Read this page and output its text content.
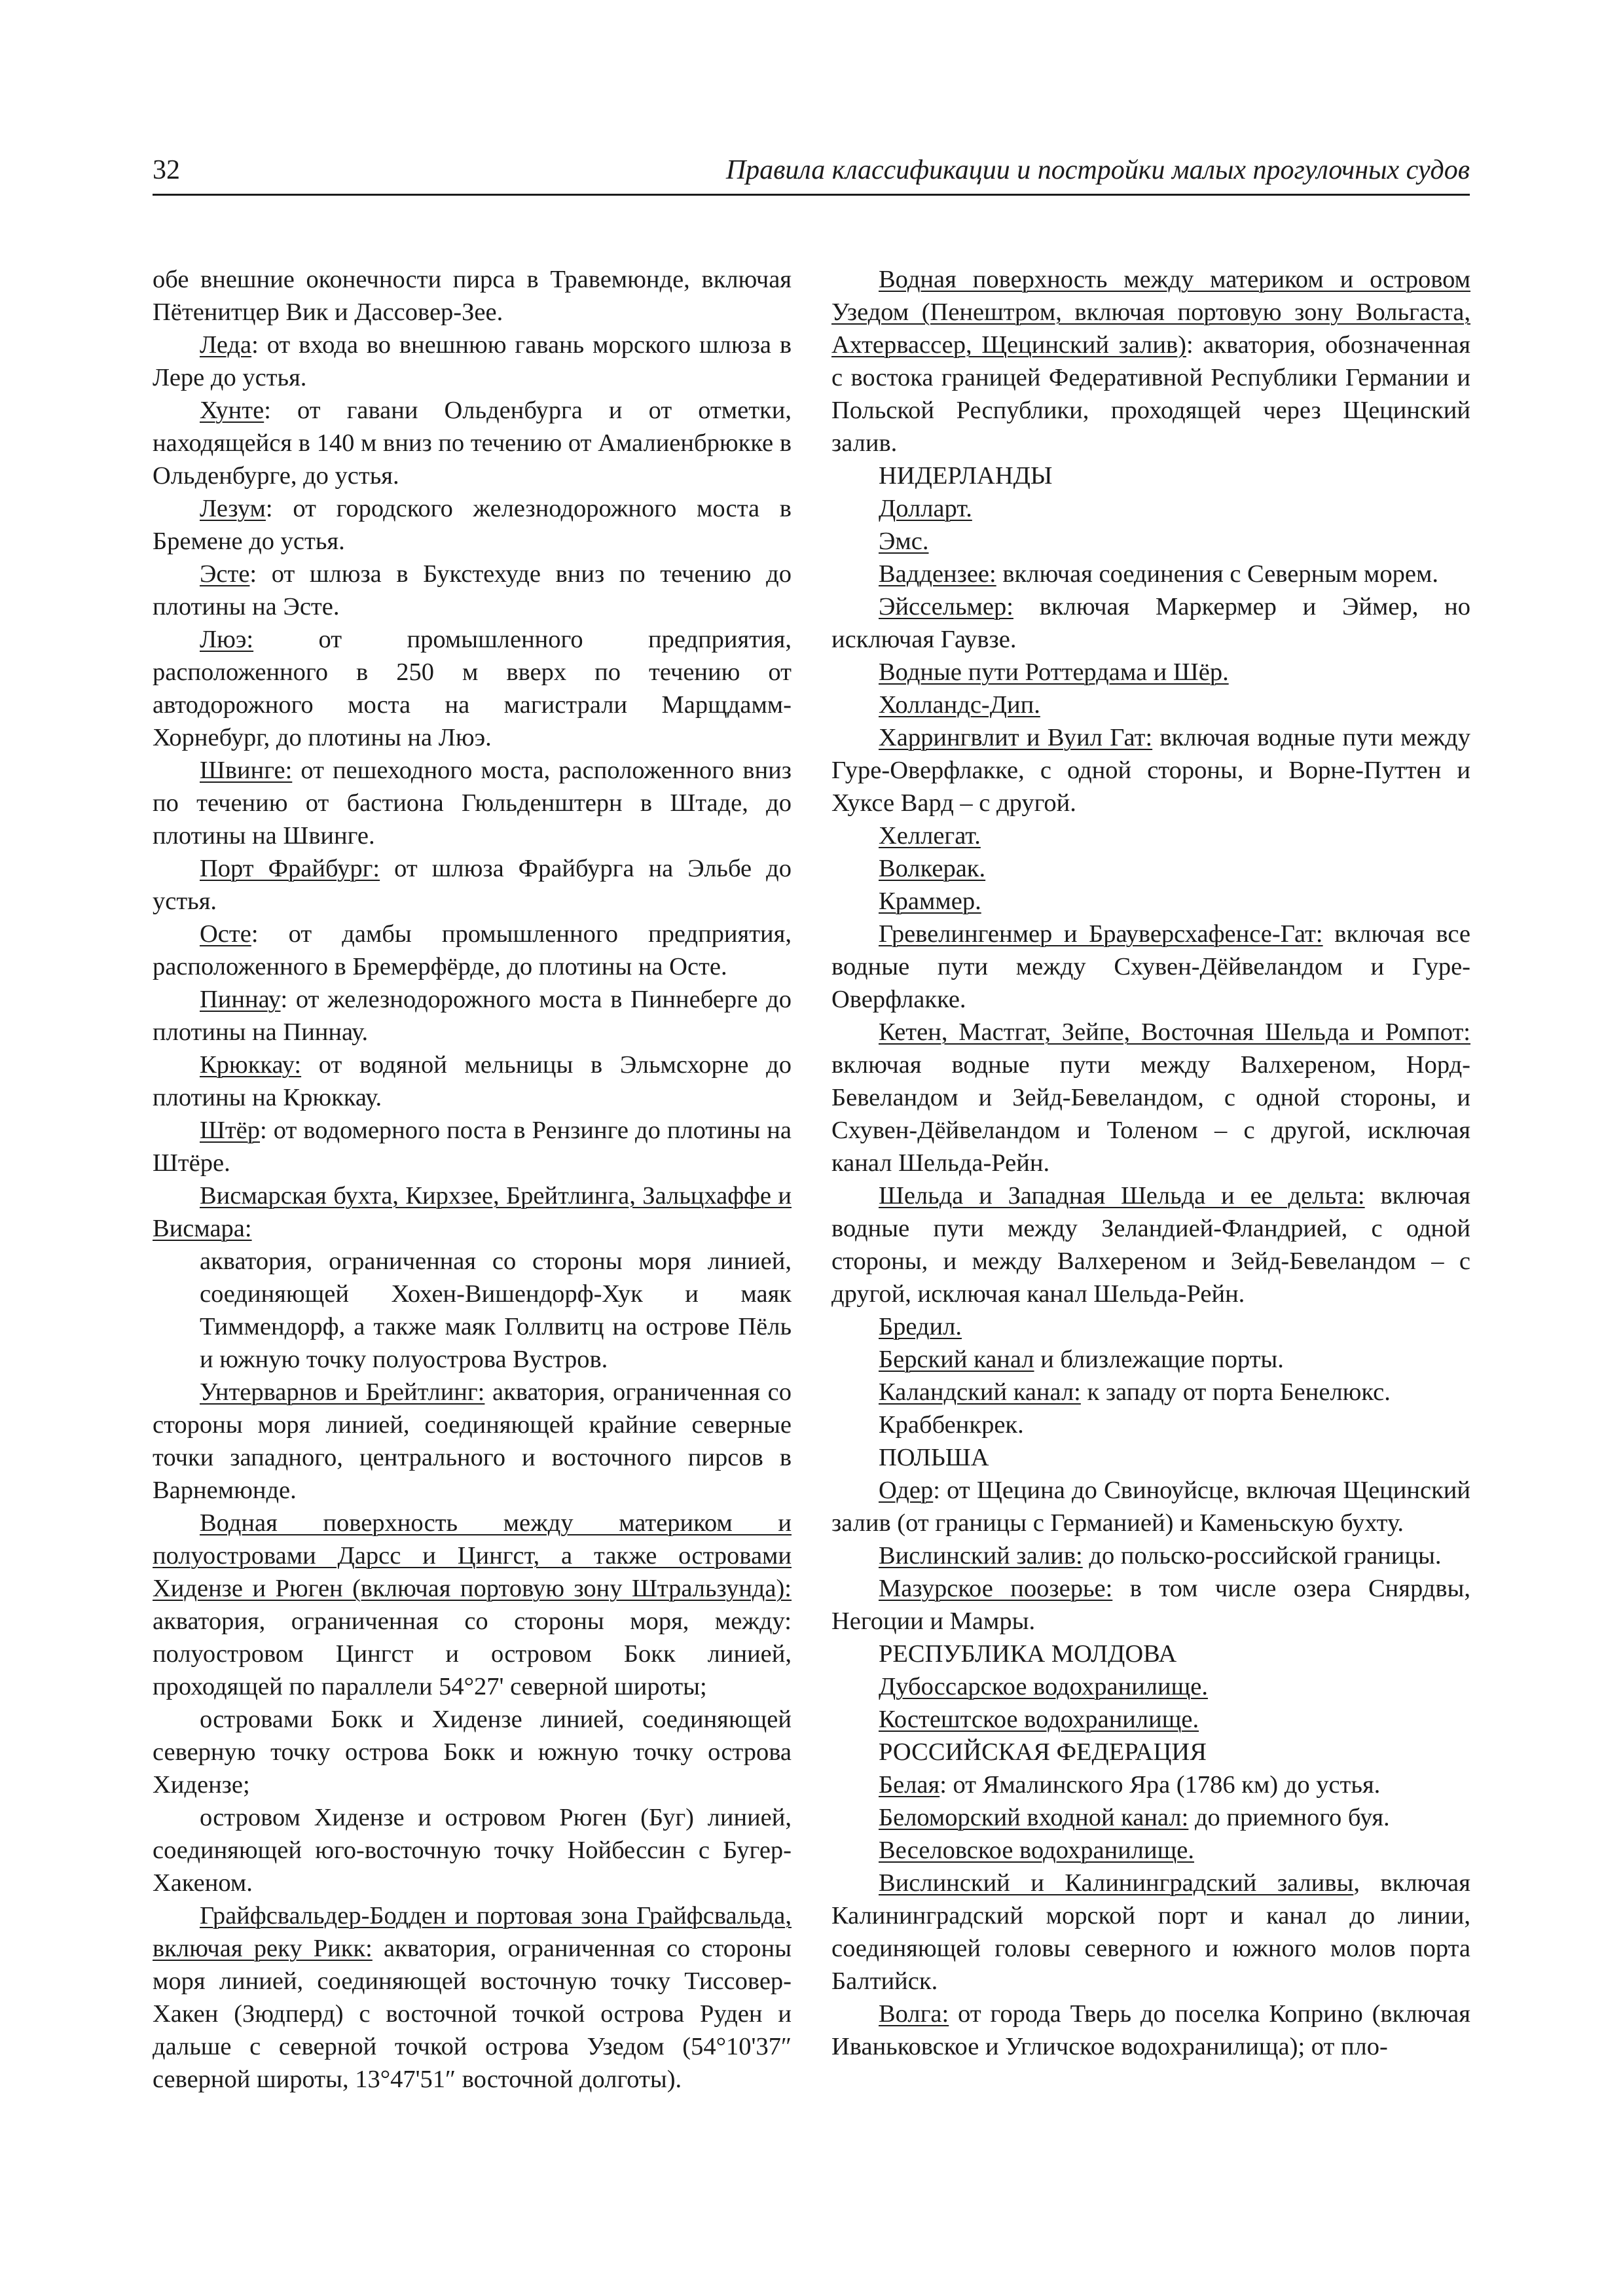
32	Правила классификации и постройки малых прогулочных судов

обе внешние оконечности пирса в Травемюнде, включая Пётенитцер Вик и Дассовер-Зее.

Леда: от входа во внешнюю гавань морского шлюза в Лере до устья.

Хунте: от гавани Ольденбурга и от отметки, находящейся в 140 м вниз по течению от Амалиенбрюкке в Ольденбурге, до устья.

Лезум: от городского железнодорожного моста в Бремене до устья.

Эсте: от шлюза в Букстехуде вниз по течению до плотины на Эсте.

Люэ: от промышленного предприятия, расположенного в 250 м вверх по течению от автодорожного моста на магистрали Марщдамм-Хорнебург, до плотины на Люэ.

Швинге: от пешеходного моста, расположенного вниз по течению от бастиона Гюльденштерн в Штаде, до плотины на Швинге.

Порт Фрайбург: от шлюза Фрайбурга на Эльбе до устья.

Осте: от дамбы промышленного предприятия, расположенного в Бремерфёрде, до плотины на Осте.

Пиннау: от железнодорожного моста в Пиннеберге до плотины на Пиннау.

Крюккау: от водяной мельницы в Эльмсхорне до плотины на Крюккау.

Штёр: от водомерного поста в Рензинге до плотины на Штёре.

Висмарская бухта, Кирхзее, Брейтлинга, Зальцхаффе и Висмара:

акватория, ограниченная со стороны моря линией, соединяющей Хохен-Вишендорф-Хук и маяк Тиммендорф, а также маяк Голлвитц на острове Пёль и южную точку полуострова Вустров.

Унтерварнов и Брейтлинг: акватория, ограниченная со стороны моря линией, соединяющей крайние северные точки западного, центрального и восточного пирсов в Варнемюнде.

Водная поверхность между материком и полуостровами Дарсс и Цингст, а также островами Хидензе и Рюген (включая портовую зону Штральзунда): акватория, ограниченная со стороны моря, между: полуостровом Цингст и островом Бокк линией, проходящей по параллели 54°27' северной широты;

островами Бокк и Хидензе линией, соединяющей северную точку острова Бокк и южную точку острова Хидензе;

островом Хидензе и островом Рюген (Буг) линией, соединяющей юго-восточную точку Нойбессин с Бугер-Хакеном.

Грайфсвальдер-Бодден и портовая зона Грайфсвальда, включая реку Рикк: акватория, ограниченная со стороны моря линией, соединяющей восточную точку Тиссовер-Хакен (Зюдперд) с восточной точкой острова Руден и дальше с северной точкой острова Узедом (54°10'37″ северной широты, 13°47'51″ восточной долготы).

Водная поверхность между материком и островом Узедом (Пенештром, включая портовую зону Вольгаста, Ахтервассер, Щецинский залив): акватория, обозначенная с востока границей Федеративной Республики Германии и Польской Республики, проходящей через Щецинский залив.

НИДЕРЛАНДЫ

Долларт.

Эмс.

Ваддензее: включая соединения с Северным морем.

Эйссельмер: включая Маркермер и Эймер, но исключая Гаувзе.

Водные пути Роттердама и Шёр.

Холландс-Дип.

Харрингвлит и Вуил Гат: включая водные пути между Гуре-Оверфлакке, с одной стороны, и Ворне-Путтен и Хуксе Вард – с другой.

Хеллегат.

Волкерак.

Краммер.

Гревелингенмер и Брауверсхафенсе-Гат: включая все водные пути между Схувен-Дёйвеландом и Гуре-Оверфлакке.

Кетен, Мастгат, Зейпе, Восточная Шельда и Ромпот: включая водные пути между Валхереном, Норд-Бевеландом и Зейд-Бевеландом, с одной стороны, и Схувен-Дёйвеландом и Толеном – с другой, исключая канал Шельда-Рейн.

Шельда и Западная Шельда и ее дельта: включая водные пути между Зеландией-Фландрией, с одной стороны, и между Валхереном и Зейд-Бевеландом – с другой, исключая канал Шельда-Рейн.

Бредил.

Берский канал и близлежащие порты.

Каландский канал: к западу от порта Бенелюкс.

Краббенкрек.

ПОЛЬША

Одер: от Щецина до Свиноуйсце, включая Щецинский залив (от границы с Германией) и Каменьскую бухту.

Вислинский залив: до польско-российской границы.

Мазурское поозерье: в том числе озера Снярдвы, Негоции и Мамры.

РЕСПУБЛИКА МОЛДОВА

Дубоссарское водохранилище.

Костештское водохранилище.

РОССИЙСКАЯ ФЕДЕРАЦИЯ

Белая: от Ямалинского Яра (1786 км) до устья.

Беломорский входной канал: до приемного буя.

Веселовское водохранилище.

Вислинский и Калининградский заливы, включая Калининградский морской порт и канал до линии, соединяющей головы северного и южного молов порта Балтийск.

Волга: от города Тверь до поселка Коприно (включая Иваньковское и Угличское водохранилища); от пло-
